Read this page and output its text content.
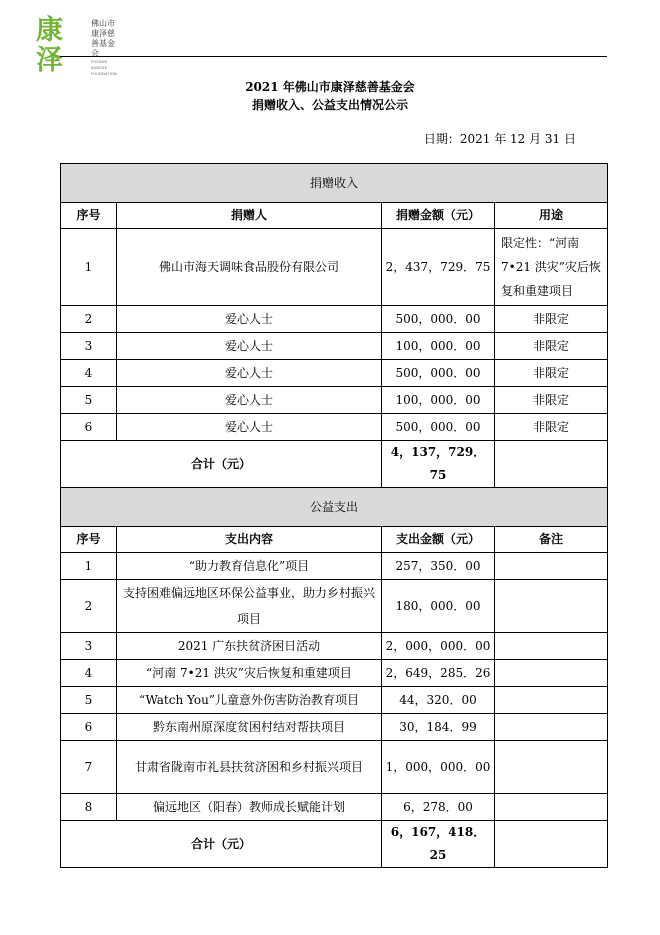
康泽
佛山市
康泽慈善基金会
FOSHAN KANGZE FOUNDATION
2021 年佛山市康泽慈善基金会
捐赠收入、公益支出情况公示
日期：2021 年 12 月 31 日
捐赠收入			
序号	捐赠人	捐赠金额（元）	用途
1	佛山市海天调味食品股份有限公司	2，437，729．75	限定性：“河南 7•21 洪灾”灾后恢复和重建项目
2	爱心人士	500，000．00	非限定
3	爱心人士	100，000．00	非限定
4	爱心人士	500，000．00	非限定
5	爱心人士	100，000．00	非限定
6	爱心人士	500，000．00	非限定
合计（元）		4，137，729．75	
公益支出			
序号	支出内容	支出金额（元）	备注
1	“助力教育信息化”项目	257，350．00	
2	支持困难偏远地区环保公益事业，助力乡村振兴项目	180，000．00	
3	2021 广东扶贫济困日活动	2，000，000．00	
4	“河南 7•21 洪灾”灾后恢复和重建项目	2，649，285．26	
5	“Watch You”儿童意外伤害防治教育项目	44，320．00	
6	黔东南州原深度贫困村结对帮扶项目	30，184．99	
7	甘肃省陇南市礼县扶贫济困和乡村振兴项目	1，000，000．00	
8	偏远地区（阳春）教师成长赋能计划	6，278．00	
合计（元）		6，167，418．25	
